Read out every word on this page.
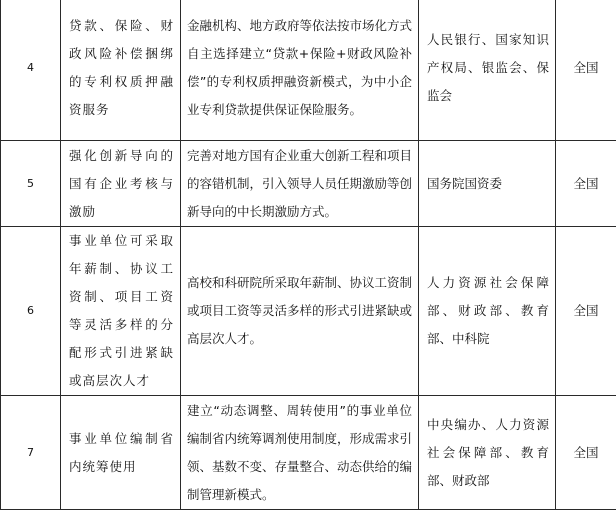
4	贷款、保险、财政风险补偿捆绑的专利权质押融资服务	金融机构、地方政府等依法按市场化方式自主选择建立“贷款+保险+财政风险补偿”的专利权质押融资新模式，为中小企业专利贷款提供保证保险服务。	人民银行、国家知识产权局、银监会、保监会	全国

5	强化创新导向的国有企业考核与激励	完善对地方国有企业重大创新工程和项目的容错机制，引入领导人员任期激励等创新导向的中长期激励方式。	国务院国资委	全国

6	事业单位可采取年薪制、协议工资制、项目工资等灵活多样的分配形式引进紧缺或高层次人才	高校和科研院所采取年薪制、协议工资制或项目工资等灵活多样的形式引进紧缺或高层次人才。	人力资源社会保障部、财政部、教育部、中科院	全国

7	事业单位编制省内统筹使用	建立“动态调整、周转使用”的事业单位编制省内统筹调剂使用制度，形成需求引领、基数不变、存量整合、动态供给的编制管理新模式。	中央编办、人力资源社会保障部、教育部、财政部	全国
